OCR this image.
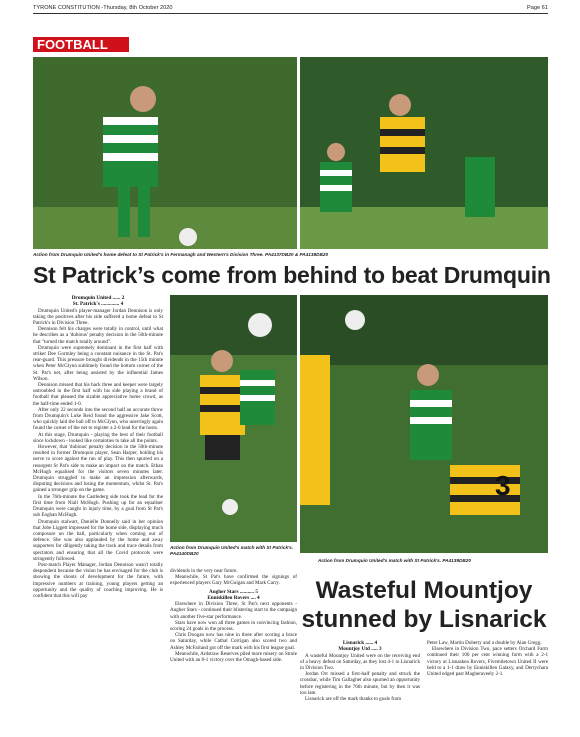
TYRONE CONSTITUTION -Thursday, 8th October 2020	Page 61
FOOTBALL
Action from Drumquin United's home defeat to St Patrick's in Fermanagh and Western's Division Three. PA4137DB20 & PA4138DB20
St Patrick’s come from behind to beat Drumquin
Drumquin United ...... 2
St. Patrick's .............. 4

Drumquin United's player-manager Jordan Dennison is only taking the positives after his side suffered a home defeat to St Patrick's in Division Three.

Dennison felt his charges were totally in control, until what he describes as a 'dubious' penalty decision in the 50th-minute that "turned the match totally around".

Drumquin were supremely dominant in the first half with striker Dee Gormley being a constant nuisance in the St. Pat's rear-guard. This pressure brought dividends in the 15th minute when Peter McGlynn sublimely found the bottom corner of the St. Pat's net, after being assisted by the influential James Wilson.

Dennison missed that his back three and keeper were largely untroubled in the first half with his side playing a brand of football that pleased the sizable appreciative home crowd, as the half-time ended 1-0.

After only 22 seconds into the second half an accurate throw from Drumquin's Luke Reid found the aggressive Jake Scott, who quickly laid the ball off to McGlynn, who unerringly again found the corner of the net to register a 2-0 lead for the hosts.

At this stage, Drumquin - playing the best of their football since lockdown - looked like certainties to take all the points.

However, that 'dubious' penalty decision in the 50th-minute resulted in former Drumquin player, Sean Harper, holding his nerve to score against the run of play. This then spurred on a resurgent St Pat's side to make an impact on the match. Ethan McHugh equalised for the visitors seven minutes later. Drumquin struggled to make an impression afterwards, disputing decisions and losing the momentum, whilst St. Pat's gained a stronger grip on the game.

In the 76th-minute the Castlederg side took the lead for the first time from Niall McHugh. Pushing up for an equaliser Drumquin were caught in injury time, by a goal from St Pat's sub Eoghan McHugh.

Drumquin stalwart, Danielle Donnelly said in her opinion that Jobe Liggett impressed for the home side, displaying much composure on the ball, particularly when coming out of defence. She was also applauded by the home and away supporters for diligently taking the track and trace details from spectators and ensuring that all the Covid protocols were stringently followed.

Post-match Player Manager, Jordan Dennison wasn't totally despondent because the vision he has envisaged for the club is showing the shoots of development for the future, with impressive numbers at training, young players getting an opportunity and the quality of coaching improving. He is confident that this will pay

3
Action from Drumquin United's match with St Patrick's. PA4139DB20
Action from Drumquin United's match with St Patrick's. PA4140DB20

dividends in the very near future.

Meanwhile, St Pat's have confirmed the signings of experienced players Gary McGuigan and Mark Carry.

Augher Stars ........... 5
Enniskillen Rovers .... 4

Elsewhere in Division Three, St Pat's next opponents - Augher Stars - continued their blistering start to the campaign with another five-star performance.

Stars have now won all three games in convincing fashion, scoring 24 goals in the process.

Chris Doogan now has nine in three after scoring a brace on Saturday, while Cathal Corrigan also scored two and Ashley McFarland got off the mark with his first league goal.

Meanwhile, Ardstraw Reserves piled more misery on Strule United with an 8-1 victory over the Omagh-based side.

Wasteful Mountjoy
stunned by Lisnarick
Lisnarick ...... 4
Mountjoy Utd ..... 3

A wasteful Mountjoy United were on the receiving end of a heavy defeat on Saturday, as they lost 4-1 to Lisnarick in Division Two.

Jordan Orr missed a first-half penalty and struck the crossbar, while Tim Gallagher also spurned an opportunity before registering in the 76th minute, but by then it was too late.

Lisnarick are off the mark thanks to goals from

Peter Law, Martin Doherty and a double by Alan Gregg.

Elsewhere in Division Two, pace setters Orchard Farm continued their 100 per cent winning form with a 2-1 victory at Lisnaskea Rovers, Fivemiletown United II were held to a 1-1 draw by Enniskillen Galaxy, and Derrychara United edged past Magheraveely 2-1.
